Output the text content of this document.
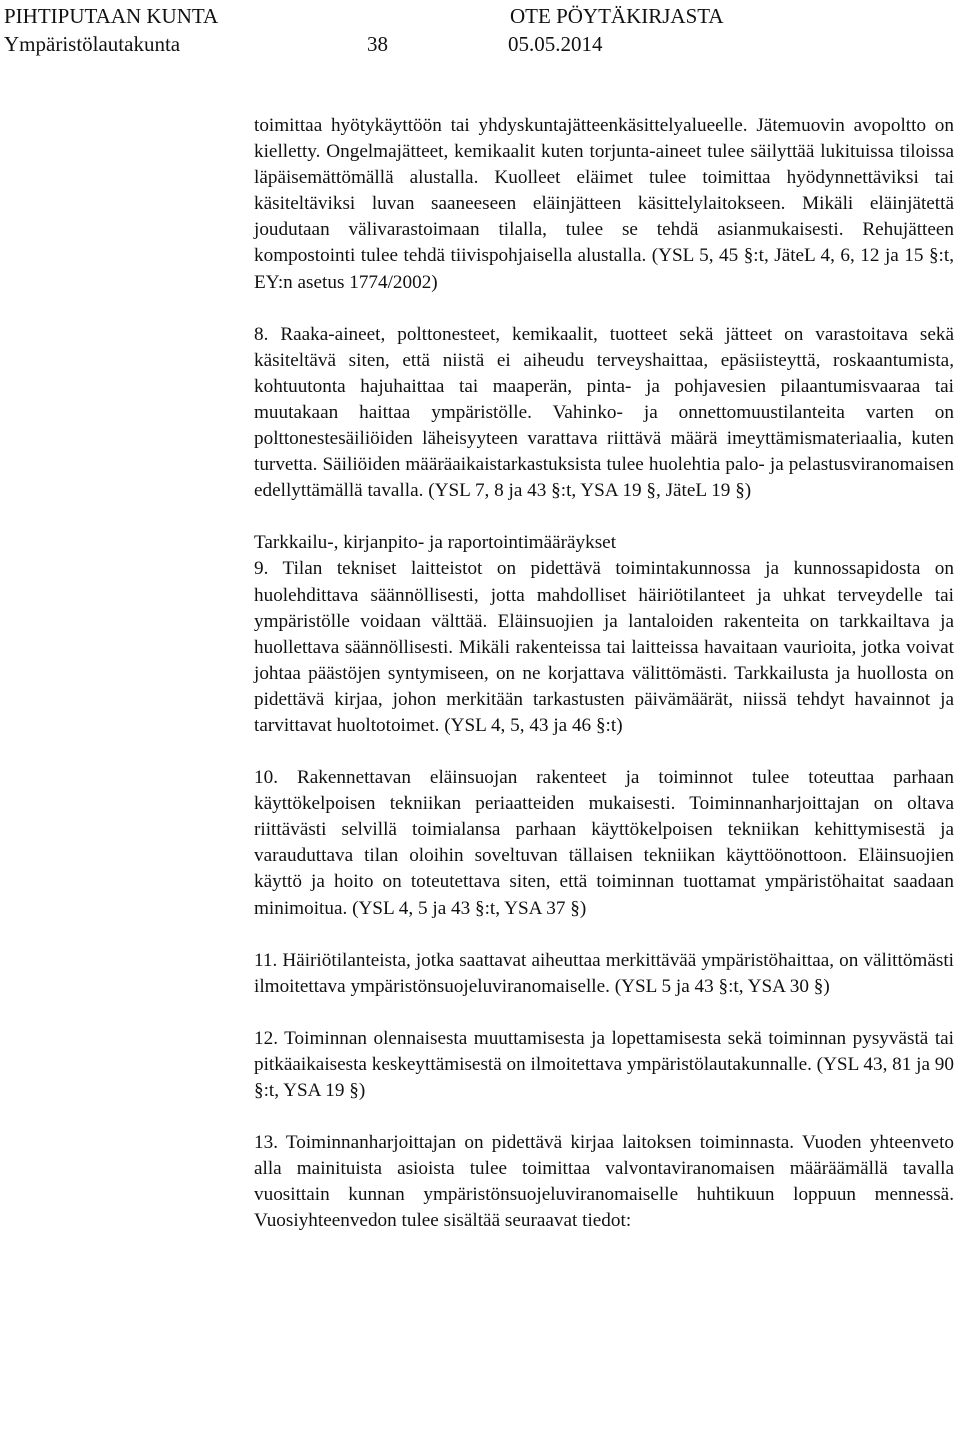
PIHTIPUTAAN KUNTA	OTE PÖYTÄKIRJASTA
Ympäristölautakunta	38	05.05.2014

toimittaa hyötykäyttöön tai yhdyskuntajätteenkäsittelyalueelle. Jätemuovin avopoltto on kielletty. Ongelmajätteet, kemikaalit kuten torjunta-aineet tulee säilyttää lukituissa tiloissa läpäisemättömällä alustalla. Kuolleet eläimet tulee toimittaa hyödynnettäviksi tai käsiteltäviksi luvan saaneeseen eläinjätteen käsittelylaitokseen. Mikäli eläinjätettä joudutaan välivarastoimaan tilalla, tulee se tehdä asianmukaisesti. Rehujätteen kompostointi tulee tehdä tiivispohjaisella alustalla. (YSL 5, 45 §:t, JäteL 4, 6, 12 ja 15 §:t, EY:n asetus 1774/2002)

8. Raaka-aineet, polttonesteet, kemikaalit, tuotteet sekä jätteet on varastoitava sekä käsiteltävä siten, että niistä ei aiheudu terveyshaittaa, epäsiisteyttä, roskaantumista, kohtuutonta hajuhaittaa tai maaperän, pinta- ja pohjavesien pilaantumisvaaraa tai muutakaan haittaa ympäristölle. Vahinko- ja onnettomuustilanteita varten on polttonestesäiliöiden läheisyyteen varattava riittävä määrä imeyttämismateriaalia, kuten turvetta. Säiliöiden määräaikaistarkastuksista tulee huolehtia palo- ja pelastusviranomaisen edellyttämällä tavalla. (YSL 7, 8 ja 43 §:t, YSA 19 §, JäteL 19 §)

Tarkkailu-, kirjanpito- ja raportointimääräykset

9. Tilan tekniset laitteistot on pidettävä toimintakunnossa ja kunnossapidosta on huolehdittava säännöllisesti, jotta mahdolliset häiriötilanteet ja uhkat terveydelle tai ympäristölle voidaan välttää. Eläinsuojien ja lantaloiden rakenteita on tarkkailtava ja huollettava säännöllisesti. Mikäli rakenteissa tai laitteissa havaitaan vaurioita, jotka voivat johtaa päästöjen syntymiseen, on ne korjattava välittömästi. Tarkkailusta ja huollosta on pidettävä kirjaa, johon merkitään tarkastusten päivämäärät, niissä tehdyt havainnot ja tarvittavat huoltotoimet. (YSL 4, 5, 43 ja 46 §:t)

10. Rakennettavan eläinsuojan rakenteet ja toiminnot tulee toteuttaa parhaan käyttökelpoisen tekniikan periaatteiden mukaisesti. Toiminnanharjoittajan on oltava riittävästi selvillä toimialansa parhaan käyttökelpoisen tekniikan kehittymisestä ja varauduttava tilan oloihin soveltuvan tällaisen tekniikan käyttöönottoon. Eläinsuojien käyttö ja hoito on toteutettava siten, että toiminnan tuottamat ympäristöhaitat saadaan minimoitua. (YSL 4, 5 ja 43 §:t, YSA 37 §)

11. Häiriötilanteista, jotka saattavat aiheuttaa merkittävää ympäristöhaittaa, on välittömästi ilmoitettava ympäristönsuojeluviranomaiselle. (YSL 5 ja 43 §:t, YSA 30 §)

12. Toiminnan olennaisesta muuttamisesta ja lopettamisesta sekä toiminnan pysyvästä tai pitkäaikaisesta keskeyttämisestä on ilmoitettava ympäristölautakunnalle. (YSL 43, 81 ja 90 §:t, YSA 19 §)

13. Toiminnanharjoittajan on pidettävä kirjaa laitoksen toiminnasta. Vuoden yhteenveto alla mainituista asioista tulee toimittaa valvontaviranomaisen määräämällä tavalla vuosittain kunnan ympäristönsuojeluviranomaiselle huhtikuun loppuun mennessä. Vuosiyhteenvedon tulee sisältää seuraavat tiedot:
